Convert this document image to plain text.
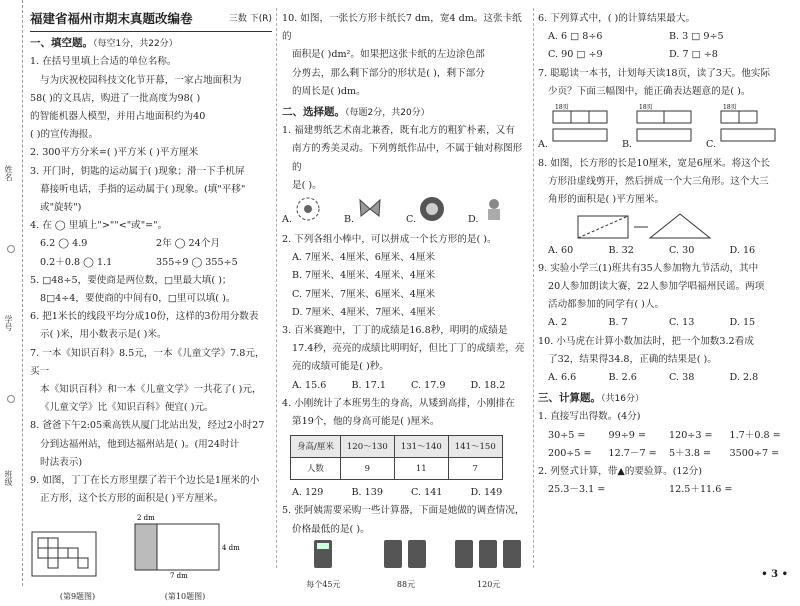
姓名
学号
班级
福建省福州市期末真题改编卷	三数 下(R)
一、填空题。（每空1分，共22分）

1. 在括号里填上合适的单位名称。

与为庆祝校园科技文化节开幕，一家占地面积为

58( )的文具店，购进了一批高度为98( )

的智能机器人模型，并用占地面积约为40

( )的宣传海报。

2. 300平方分米=( )平方米 ( )平方厘米

3. 开门时，钥匙的运动属于( )现象；滑一下手机屏

幕接听电话，手指的运动属于( )现象。(填"平移"

或"旋转")

4. 在 ◯ 里填上">""<"或"="。

6.2 ◯ 4.9	2年 ◯ 24个月
0.2＋0.8 ◯ 1.1	355÷9 ◯ 355÷5

5. □48÷5，要使商是两位数，□里最大填( )；

8□4÷4，要使商的中间有0，□里可以填( )。

6. 把1米长的线段平均分成10份，这样的3份用分数表

示( )米，用小数表示是( )米。

7. 一本《知识百科》8.5元，一本《儿童文学》7.8元，买一

本《知识百科》和一本《儿童文学》一共花了( )元，

《儿童文学》比《知识百科》便宜( )元。

8. 爸爸下午2:05乘高铁从厦门北站出发，经过2小时27

分到达福州站，他到达福州站是( )。(用24时计

时法表示)

9. 如图，丁丁在长方形里摆了若干个边长是1厘米的小

正方形，这个长方形的面积是( )平方厘米。

(第9题图)
2 dm
4 dm
7 dm
(第10题图)

10. 如图，一张长方形卡纸长7 dm，宽4 dm。这张卡纸的

面积是( )dm²。如果把这张卡纸的左边涂色部

分剪去，那么剩下部分的形状是( )，剩下部分

的周长是( )dm。

二、选择题。（每题2分，共20分）

1. 福建剪纸艺术南北兼香，既有北方的粗犷朴素，又有

南方的秀美灵动。下列剪纸作品中，不属于轴对称图形的

是( )。

A.	B.	C.	D.

2. 下列各组小棒中，可以拼成一个长方形的是( )。

A. 7厘米、4厘米、6厘米、4厘米

B. 7厘米、4厘米、4厘米、4厘米

C. 7厘米、7厘米、6厘米、4厘米

D. 7厘米、4厘米、7厘米、4厘米

3. 百米赛跑中，丁丁的成绩是16.8秒，明明的成绩是

17.4秒，亮亮的成绩比明明好，但比丁丁的成绩差，亮

亮的成绩可能是( )秒。

A. 15.6	B. 17.1	C. 17.9	D. 18.2

4. 小刚统计了本班男生的身高，从矮到高排，小刚排在

第19个，他的身高可能是( )厘米。

身高/厘米	120～130	131～140	141～150
人数	9	11	7
A. 129	B. 139	C. 141	D. 149

5. 张阿姨需要采购一些计算器，下面是她做的调查情况，

价格最低的是( )。

每个45元	88元	120元

6. 下列算式中，( )的计算结果最大。

A. 6 □ 8÷6	B. 3 □ 9÷5
C. 90 □ ÷9	D. 7 □ ÷8

7. 聪聪读一本书，计划每天读18页，读了3天。他实际

少页？下面三幅图中，能正确表达题意的是( )。

A.
18页
B.
18页
C.
18页

8. 如图，长方形的长是10厘米，宽是6厘米。将这个长

方形沿虚线剪开，然后拼成一个大三角形。这个大三

角形的面积是( )平方厘米。

A. 60	B. 32	C. 30	D. 16

9. 实验小学三(1)班共有35人参加物九节活动，其中

20人参加朗读大赛，22人参加学唱福州民谣。两项

活动都参加的同学有( )人。

A. 2	B. 7	C. 13	D. 15

10. 小马虎在计算小数加法时，把一个加数3.2看成

了32，结果得34.8，正确的结果是( )。

A. 6.6	B. 2.6	C. 38	D. 2.8
三、计算题。（共16分）

1. 直接写出得数。(4分)

30÷5 =	99÷9 =	120÷3 =	1.7＋0.8 =
200÷5 =	12.7－7 =	5＋3.8 =	3500÷7 =

2. 列竖式计算，带▲的要验算。(12分)

25.3－3.1 =	12.5＋11.6 =
• 3 •
